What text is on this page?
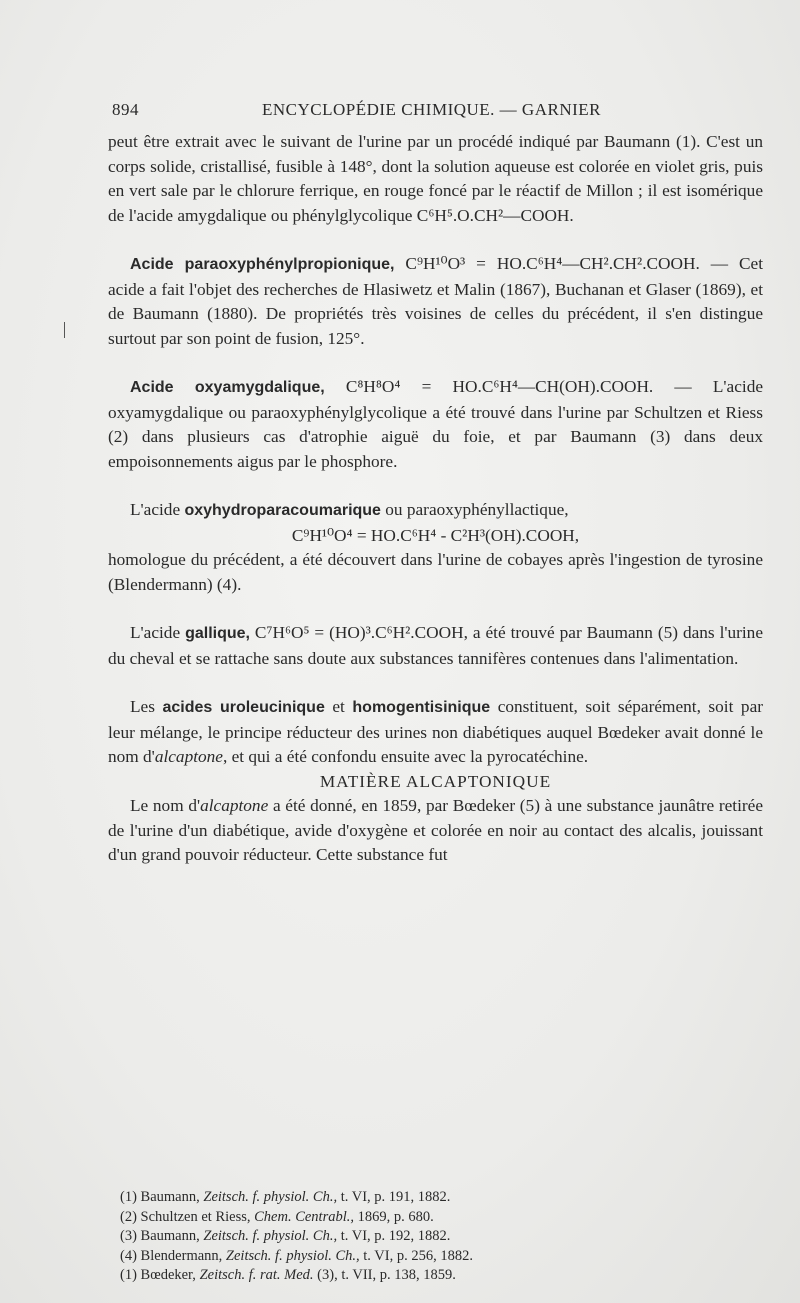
894	ENCYCLOPÉDIE CHIMIQUE. — GARNIER

peut être extrait avec le suivant de l'urine par un procédé indiqué par Baumann (1). C'est un corps solide, cristallisé, fusible à 148°, dont la solution aqueuse est colorée en violet gris, puis en vert sale par le chlorure ferrique, en rouge foncé par le réactif de Millon ; il est isomérique de l'acide amygdalique ou phénylglycolique C⁶H⁵.O.CH²—COOH.

Acide paraoxyphénylpropionique, C⁹H¹⁰O³ = HO.C⁶H⁴—CH².CH².COOH. — Cet acide a fait l'objet des recherches de Hlasiwetz et Malin (1867), Buchanan et Glaser (1869), et de Baumann (1880). De propriétés très voisines de celles du précédent, il s'en distingue surtout par son point de fusion, 125°.

Acide oxyamygdalique, C⁸H⁸O⁴ = HO.C⁶H⁴—CH(OH).COOH. — L'acide oxyamygdalique ou paraoxyphénylglycolique a été trouvé dans l'urine par Schultzen et Riess (2) dans plusieurs cas d'atrophie aiguë du foie, et par Baumann (3) dans deux empoisonnements aigus par le phosphore.

L'acide oxyhydroparacoumarique ou paraoxyphényllactique,

C⁹H¹⁰O⁴ = HO.C⁶H⁴ - C²H³(OH).COOH,

homologue du précédent, a été découvert dans l'urine de cobayes après l'ingestion de tyrosine (Blendermann) (4).

L'acide gallique, C⁷H⁶O⁵ = (HO)³.C⁶H².COOH, a été trouvé par Baumann (5) dans l'urine du cheval et se rattache sans doute aux substances tannifères contenues dans l'alimentation.

Les acides uroleucinique et homogentisinique constituent, soit séparément, soit par leur mélange, le principe réducteur des urines non diabétiques auquel Bœdeker avait donné le nom d'alcaptone, et qui a été confondu ensuite avec la pyrocatéchine.

MATIÈRE ALCAPTONIQUE

Le nom d'alcaptone a été donné, en 1859, par Bœdeker (5) à une substance jaunâtre retirée de l'urine d'un diabétique, avide d'oxygène et colorée en noir au contact des alcalis, jouissant d'un grand pouvoir réducteur. Cette substance fut

(1) Baumann, Zeitsch. f. physiol. Ch., t. VI, p. 191, 1882.

(2) Schultzen et Riess, Chem. Centrabl., 1869, p. 680.

(3) Baumann, Zeitsch. f. physiol. Ch., t. VI, p. 192, 1882.

(4) Blendermann, Zeitsch. f. physiol. Ch., t. VI, p. 256, 1882.

(1) Bœdeker, Zeitsch. f. rat. Med. (3), t. VII, p. 138, 1859.
